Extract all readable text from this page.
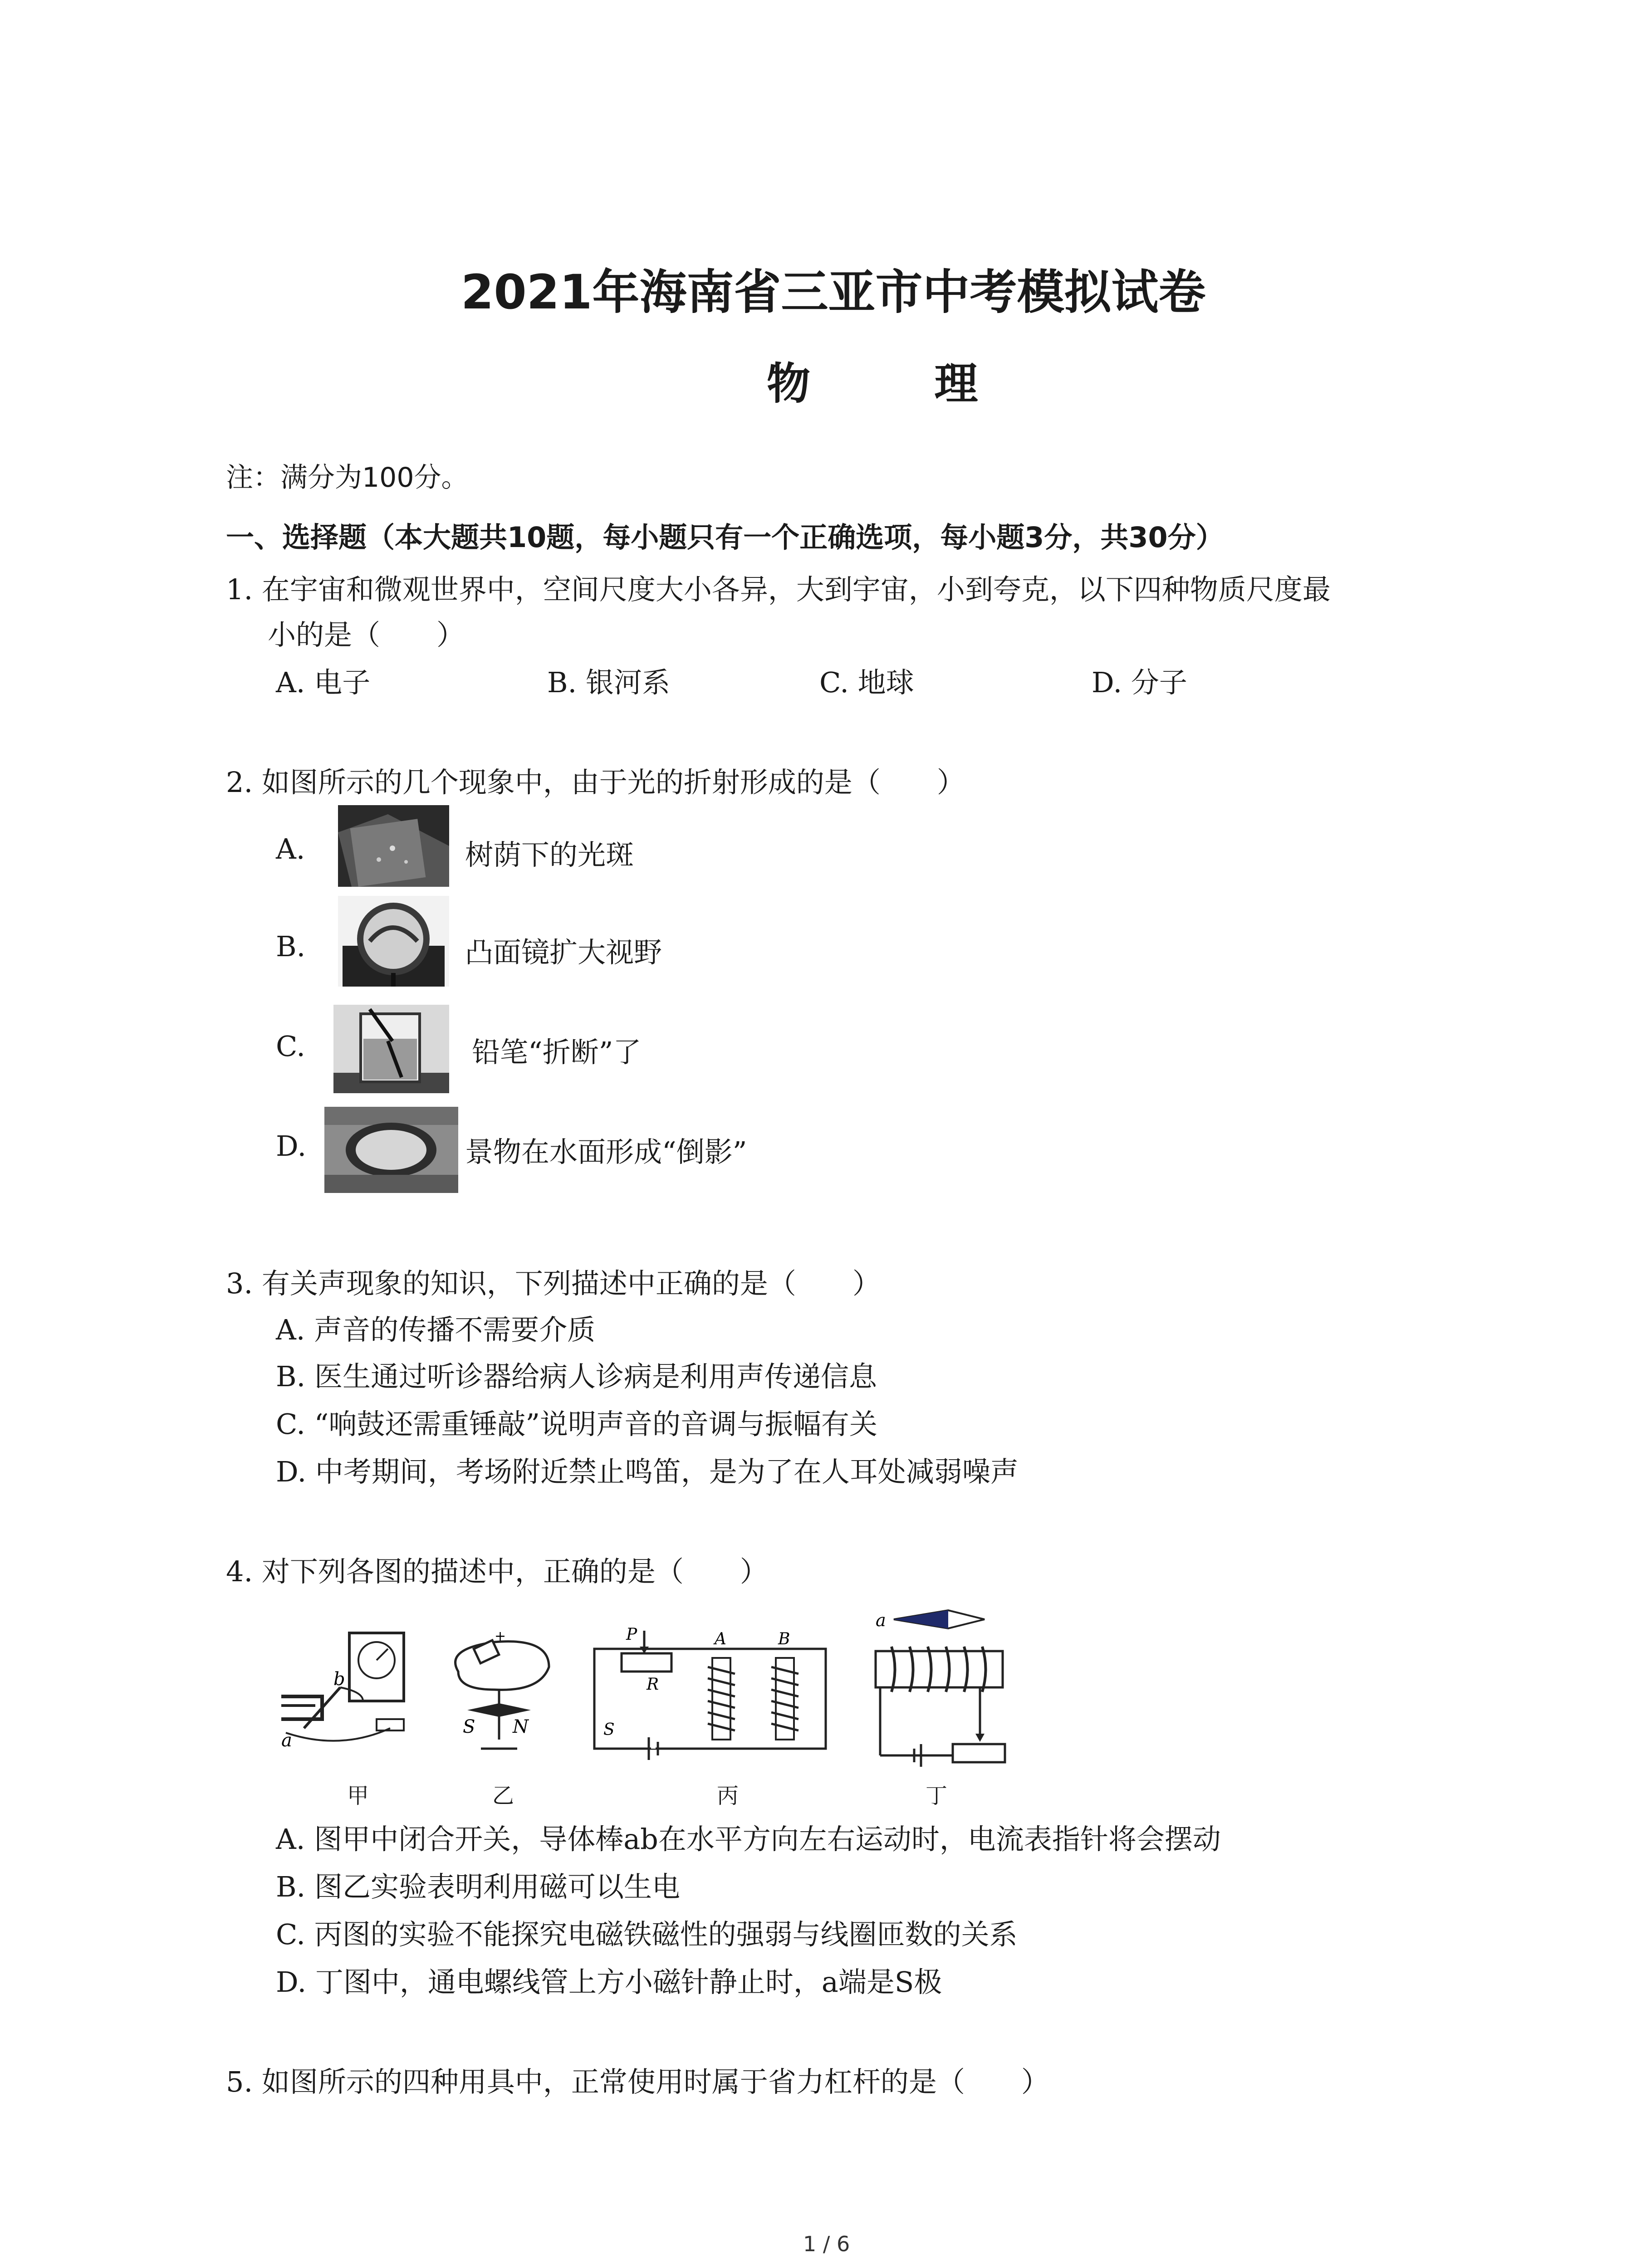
2021年海南省三亚市中考模拟试卷
物 理
注：满分为100分。
一、选择题（本大题共10题，每小题只有一个正确选项，每小题3分，共30分）
1. 在宇宙和微观世界中，空间尺度大小各异，大到宇宙，小到夸克，以下四种物质尺度最
小的是（　　）
A. 电子	B. 银河系	C. 地球	D. 分子
2. 如图所示的几个现象中，由于光的折射形成的是（　　）
A.	树荫下的光斑
B.	凸面镜扩大视野
C.	铅笔“折断”了
D.	景物在水面形成“倒影”
3. 有关声现象的知识，下列描述中正确的是（　　）
A. 声音的传播不需要介质
B. 医生通过听诊器给病人诊病是利用声传递信息
C. “响鼓还需重锤敲”说明声音的音调与振幅有关
D. 中考期间，考场附近禁止鸣笛，是为了在人耳处减弱噪声
4. 对下列各图的描述中，正确的是（　　）
b
a
+
S N
P
R
A	B
S
a
甲	乙	丙	丁
A. 图甲中闭合开关，导体棒ab在水平方向左右运动时，电流表指针将会摆动
B. 图乙实验表明利用磁可以生电
C. 丙图的实验不能探究电磁铁磁性的强弱与线圈匝数的关系
D. 丁图中，通电螺线管上方小磁针静止时，a端是S极
5. 如图所示的四种用具中，正常使用时属于省力杠杆的是（　　）
1 / 6
